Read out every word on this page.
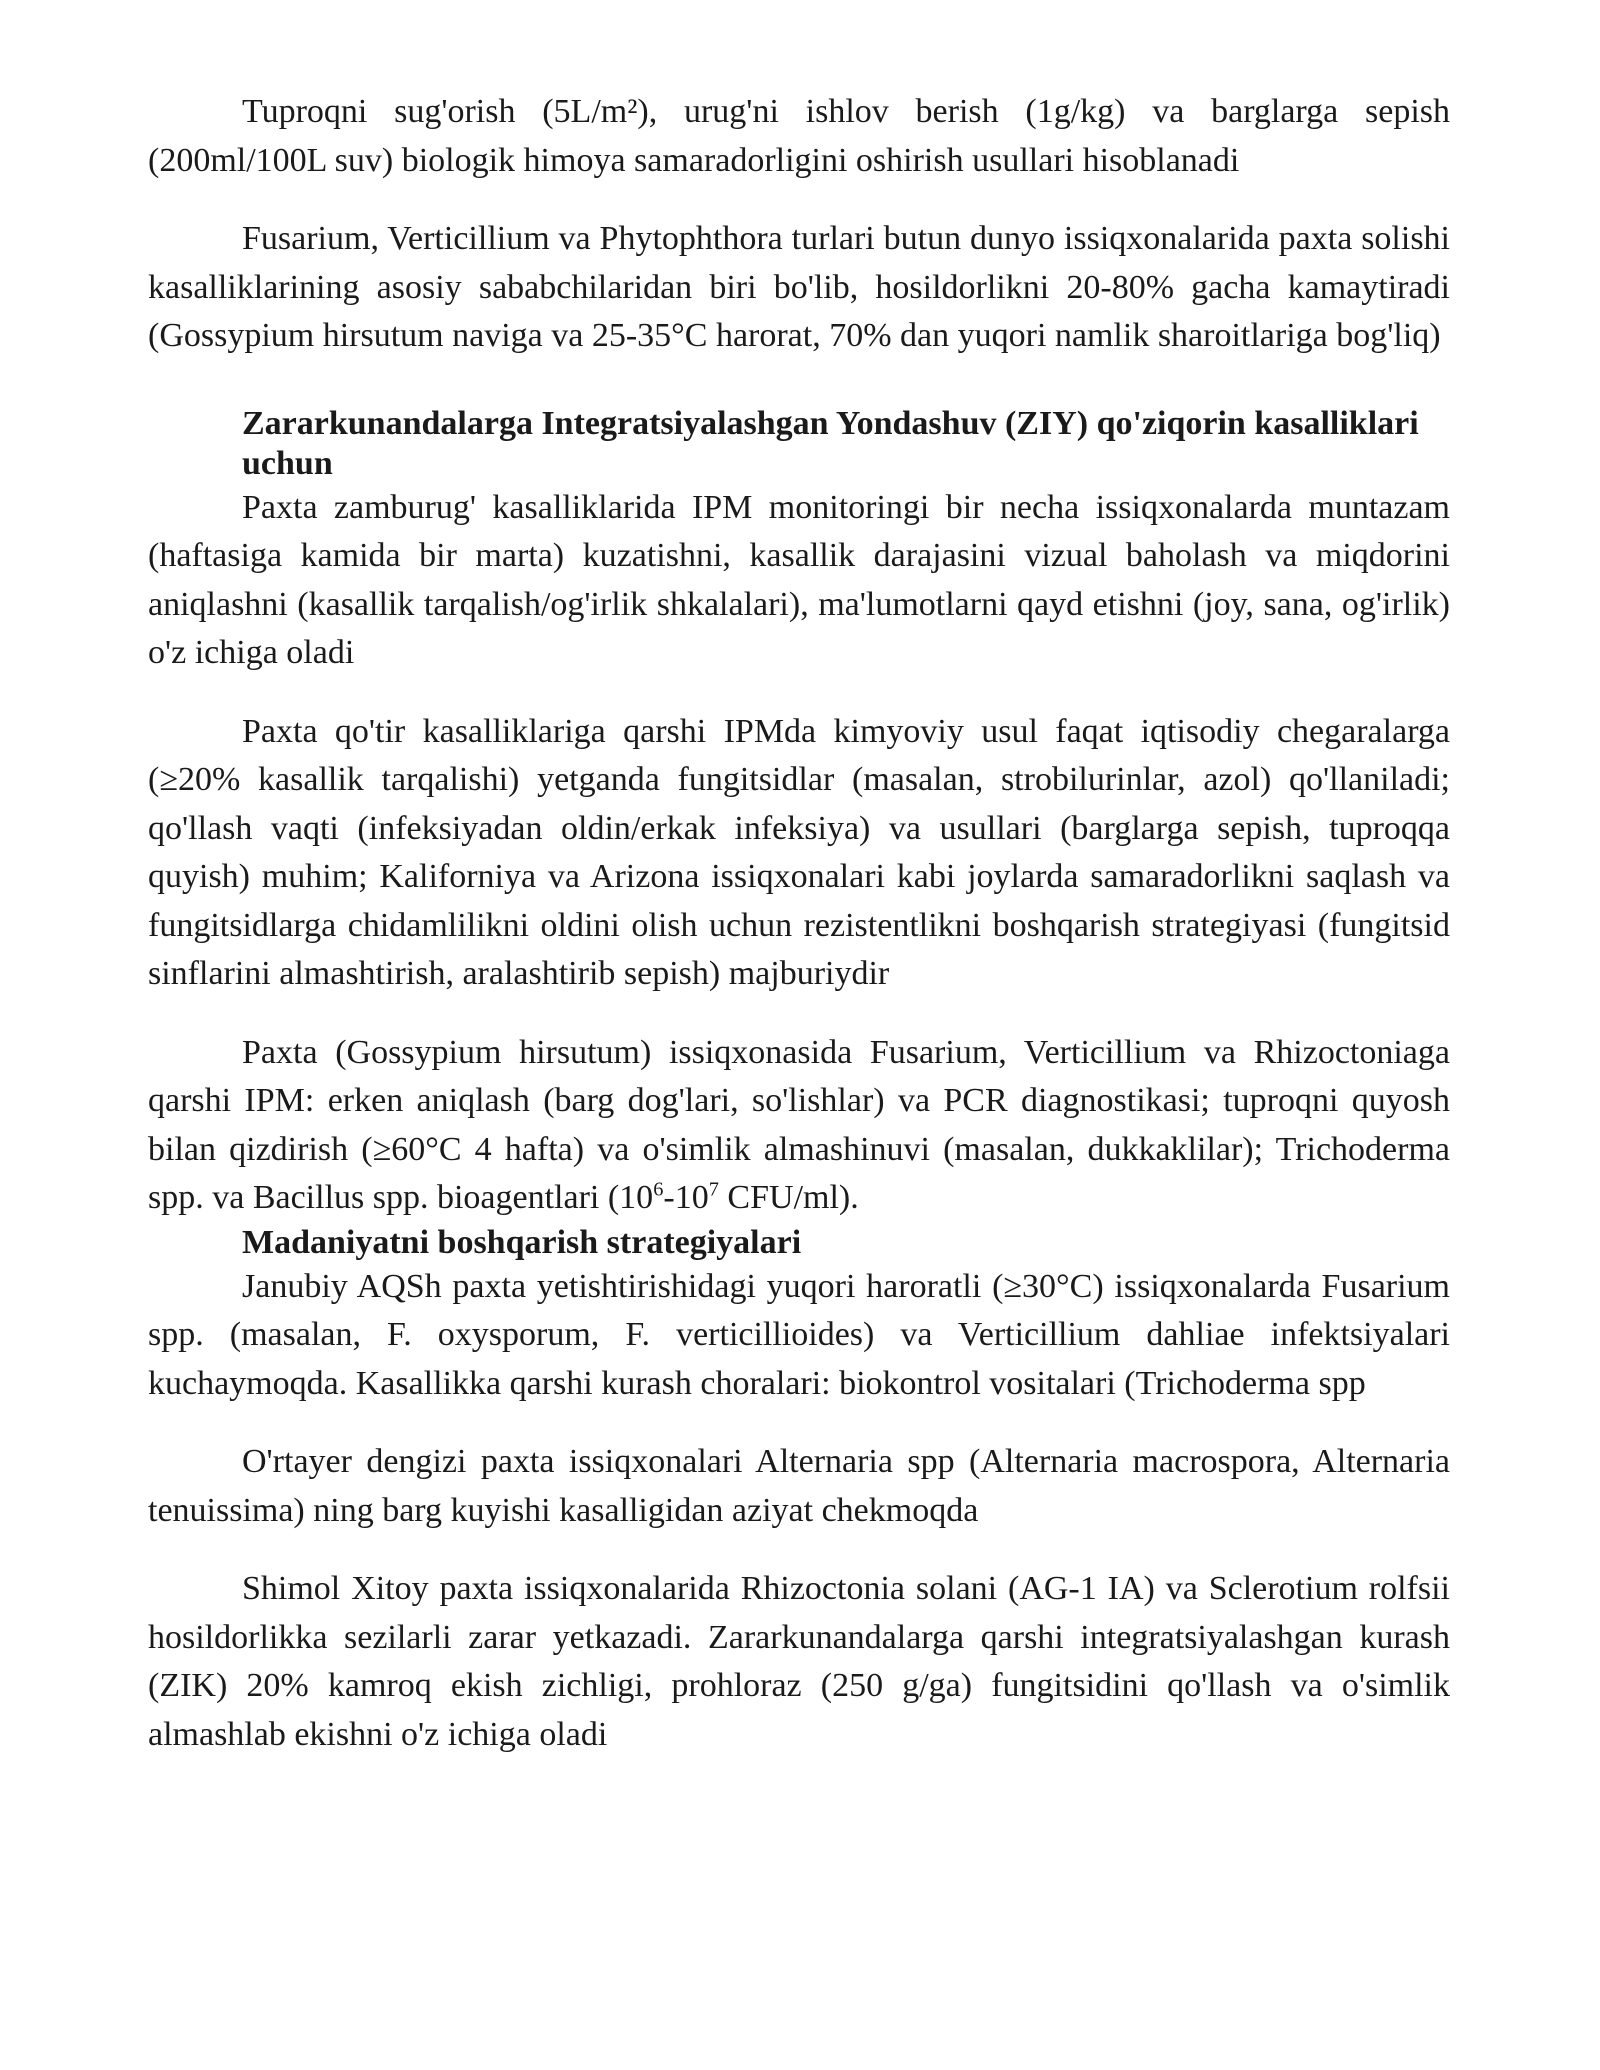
Tuproqni sug'orish (5L/m²), urug'ni ishlov berish (1g/kg) va barglarga sepish (200ml/100L suv) biologik himoya samaradorligini oshirish usullari hisoblanadi

Fusarium, Verticillium va Phytophthora turlari butun dunyo issiqxonalarida paxta solishi kasalliklarining asosiy sababchilaridan biri bo'lib, hosildorlikni 20-80% gacha kamaytiradi (Gossypium hirsutum naviga va 25-35°C harorat, 70% dan yuqori namlik sharoitlariga bog'liq)

Zararkunandalarga Integratsiyalashgan Yondashuv (ZIY) qo'ziqorin kasalliklari uchun

Paxta zamburug' kasalliklarida IPM monitoringi bir necha issiqxonalarda muntazam (haftasiga kamida bir marta) kuzatishni, kasallik darajasini vizual baholash va miqdorini aniqlashni (kasallik tarqalish/og'irlik shkalalari), ma'lumotlarni qayd etishni (joy, sana, og'irlik) o'z ichiga oladi

Paxta qo'tir kasalliklariga qarshi IPMda kimyoviy usul faqat iqtisodiy chegaralarga (≥20% kasallik tarqalishi) yetganda fungitsidlar (masalan, strobilurinlar, azol) qo'llaniladi; qo'llash vaqti (infeksiyadan oldin/erkak infeksiya) va usullari (barglarga sepish, tuproqqa quyish) muhim; Kaliforniya va Arizona issiqxonalari kabi joylarda samaradorlikni saqlash va fungitsidlarga chidamlilikni oldini olish uchun rezistentlikni boshqarish strategiyasi (fungitsid sinflarini almashtirish, aralashtirib sepish) majburiydir

Paxta (Gossypium hirsutum) issiqxonasida Fusarium, Verticillium va Rhizoctoniaga qarshi IPM: erken aniqlash (barg dog'lari, so'lishlar) va PCR diagnostikasi; tuproqni quyosh bilan qizdirish (≥60°C 4 hafta) va o'simlik almashinuvi (masalan, dukkaklilar); Trichoderma spp. va Bacillus spp. bioagentlari ($10^6-10^7$ CFU/ml).

Madaniyatni boshqarish strategiyalari

Janubiy AQSh paxta yetishtirishidagi yuqori haroratli (≥30°C) issiqxonalarda Fusarium spp. (masalan, F. oxysporum, F. verticillioides) va Verticillium dahliae infektsiyalari kuchaymoqda. Kasallikka qarshi kurash choralari: biokontrol vositalari (Trichoderma spp

O'rtayer dengizi paxta issiqxonalari Alternaria spp (Alternaria macrospora, Alternaria tenuissima) ning barg kuyishi kasalligidan aziyat chekmoqda

Shimol Xitoy paxta issiqxonalarida Rhizoctonia solani (AG-1 IA) va Sclerotium rolfsii hosildorlikka sezilarli zarar yetkazadi. Zararkunandalarga qarshi integratsiyalashgan kurash (ZIK) 20% kamroq ekish zichligi, prohloraz (250 g/ga) fungitsidini qo'llash va o'simlik almashlab ekishni o'z ichiga oladi
